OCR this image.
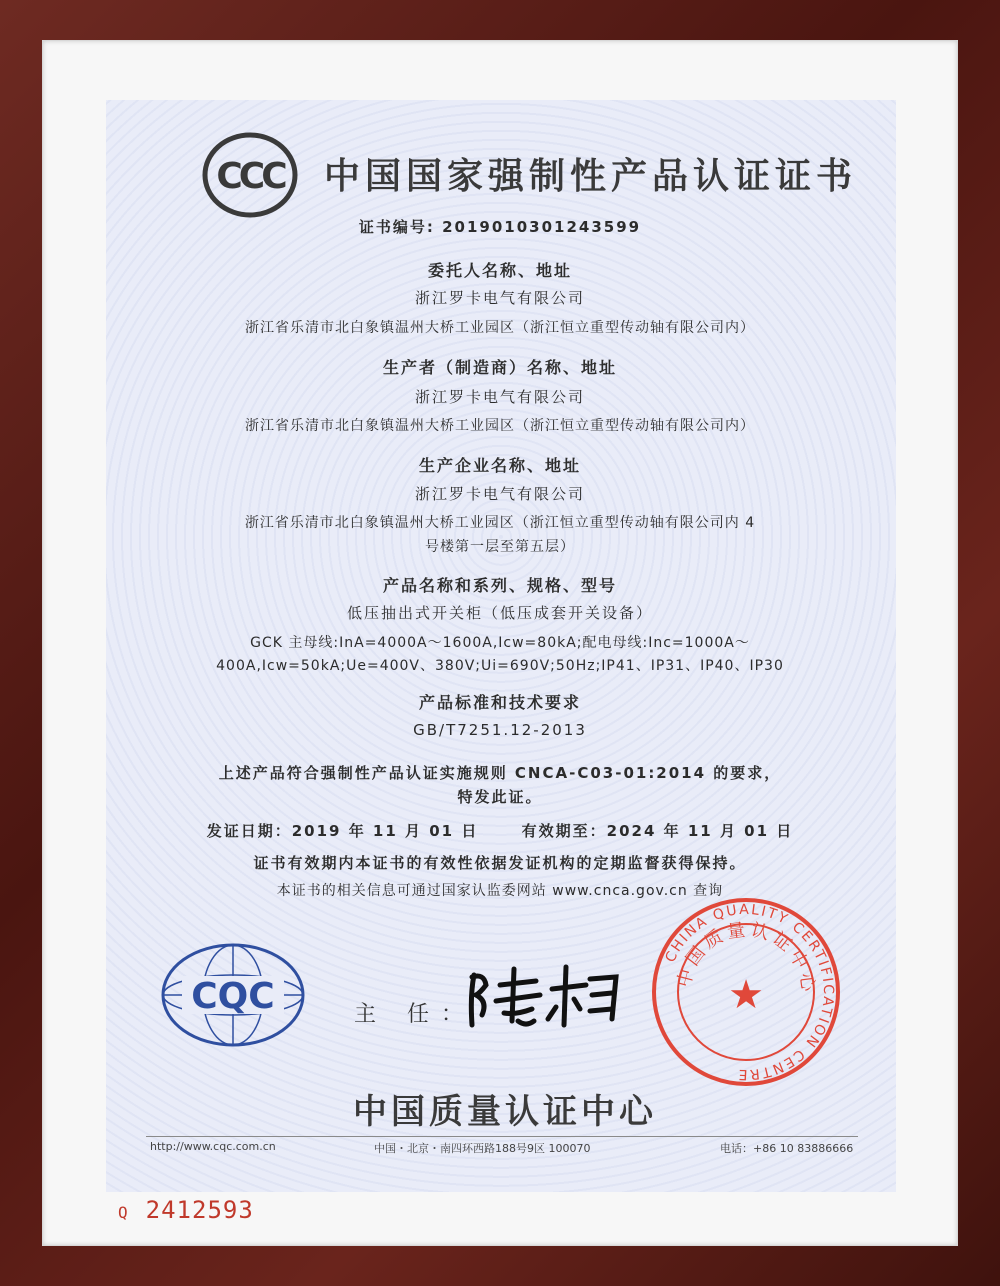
CCC 中国国家强制性产品认证证书
证书编号: 2019010301243599
委托人名称、地址
浙江罗卡电气有限公司
浙江省乐清市北白象镇温州大桥工业园区（浙江恒立重型传动轴有限公司内）
生产者（制造商）名称、地址
浙江罗卡电气有限公司
浙江省乐清市北白象镇温州大桥工业园区（浙江恒立重型传动轴有限公司内）
生产企业名称、地址
浙江罗卡电气有限公司
浙江省乐清市北白象镇温州大桥工业园区（浙江恒立重型传动轴有限公司内 4
号楼第一层至第五层）
产品名称和系列、规格、型号
低压抽出式开关柜（低压成套开关设备）
GCK 主母线:InA=4000A～1600A,Icw=80kA;配电母线:Inc=1000A～
400A,Icw=50kA;Ue=400V、380V;Ui=690V;50Hz;IP41、IP31、IP40、IP30
产品标准和技术要求
GB/T7251.12-2013
上述产品符合强制性产品认证实施规则 CNCA-C03-01:2014 的要求，
特发此证。
发证日期：2019 年 11 月 01 日      有效期至：2024 年 11 月 01 日
证书有效期内本证书的有效性依据发证机构的定期监督获得保持。
本证书的相关信息可通过国家认监委网站 www.cnca.gov.cn 查询
CQC	主 任：
CHINA QUALITY CERTIFICATION CENTRE
中国质量认证中心
★
中国质量认证中心
http://www.cqc.com.cn	中国・北京・南四环西路188号9区 100070	电话：+86 10 83886666
Q 2412593
